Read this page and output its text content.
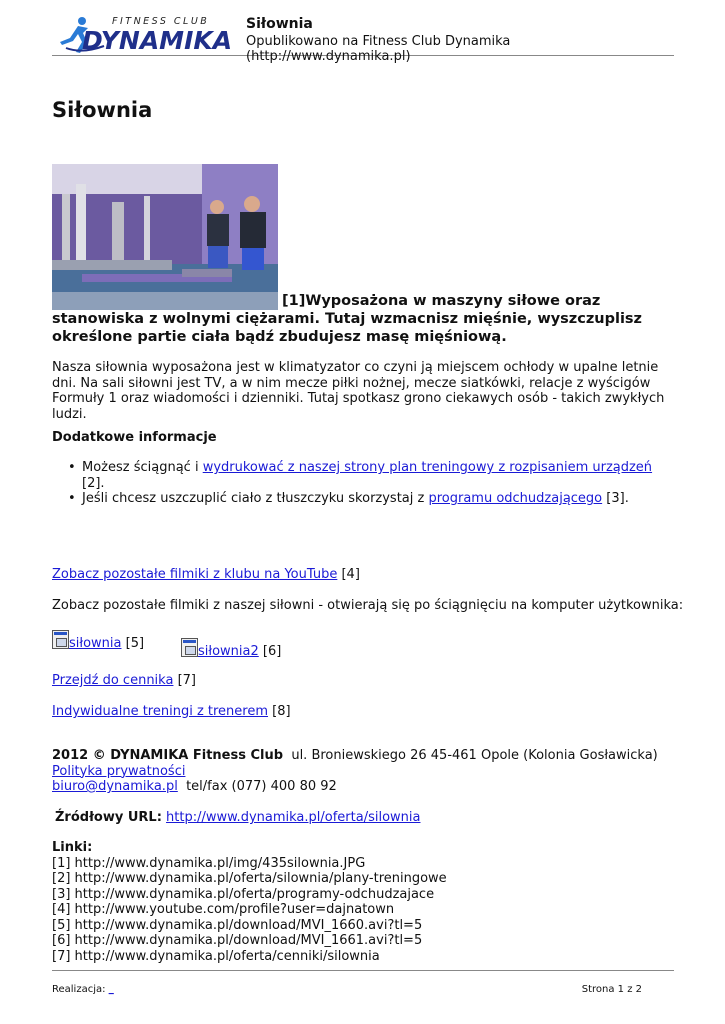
FITNESS CLUB
DYNAMIKA
Siłownia
Opublikowano na Fitness Club Dynamika (http://www.dynamika.pl)
Siłownia
[1]Wyposażona w maszyny siłowe oraz stanowiska z wolnymi ciężarami. Tutaj wzmacnisz mięśnie, wyszczuplisz określone partie ciała bądź zbudujesz masę mięśniową.

Nasza siłownia wyposażona jest w klimatyzator co czyni ją miejscem ochłody w upalne letnie dni. Na sali siłowni jest TV, a w nim mecze piłki nożnej, mecze siatkówki, relacje z wyścigów Formuły 1 oraz wiadomości i dzienniki. Tutaj spotkasz grono ciekawych osób - takich zwykłych ludzi.

Dodatkowe informacje
• Możesz ściągnąć i wydrukować z naszej strony plan treningowy z rozpisaniem urządzeń [2].
• Jeśli chcesz uszczuplić ciało z tłuszczyku skorzystaj z programu odchudzającego [3].
Zobacz pozostałe filmiki z klubu na YouTube [4]
Zobacz pozostałe filmiki z naszej siłowni - otwierają się po ściągnięciu na komputer użytkownika:
siłownia [5]
siłownia2 [6]
Przejdź do cennika [7]
Indywidualne treningi z trenerem [8]
2012 © DYNAMIKA Fitness Club ul. Broniewskiego 26 45-461 Opole (Kolonia Gosławicka)
Polityka prywatności
biuro@dynamika.pl tel/fax (077) 400 80 92
Źródłowy URL: http://www.dynamika.pl/oferta/silownia
Linki:
[1] http://www.dynamika.pl/img/435silownia.JPG
[2] http://www.dynamika.pl/oferta/silownia/plany-treningowe
[3] http://www.dynamika.pl/oferta/programy-odchudzajace
[4] http://www.youtube.com/profile?user=dajnatown
[5] http://www.dynamika.pl/download/MVI_1660.avi?tl=5
[6] http://www.dynamika.pl/download/MVI_1661.avi?tl=5
[7] http://www.dynamika.pl/oferta/cenniki/silownia
Realizacja: _	Strona 1 z 2
